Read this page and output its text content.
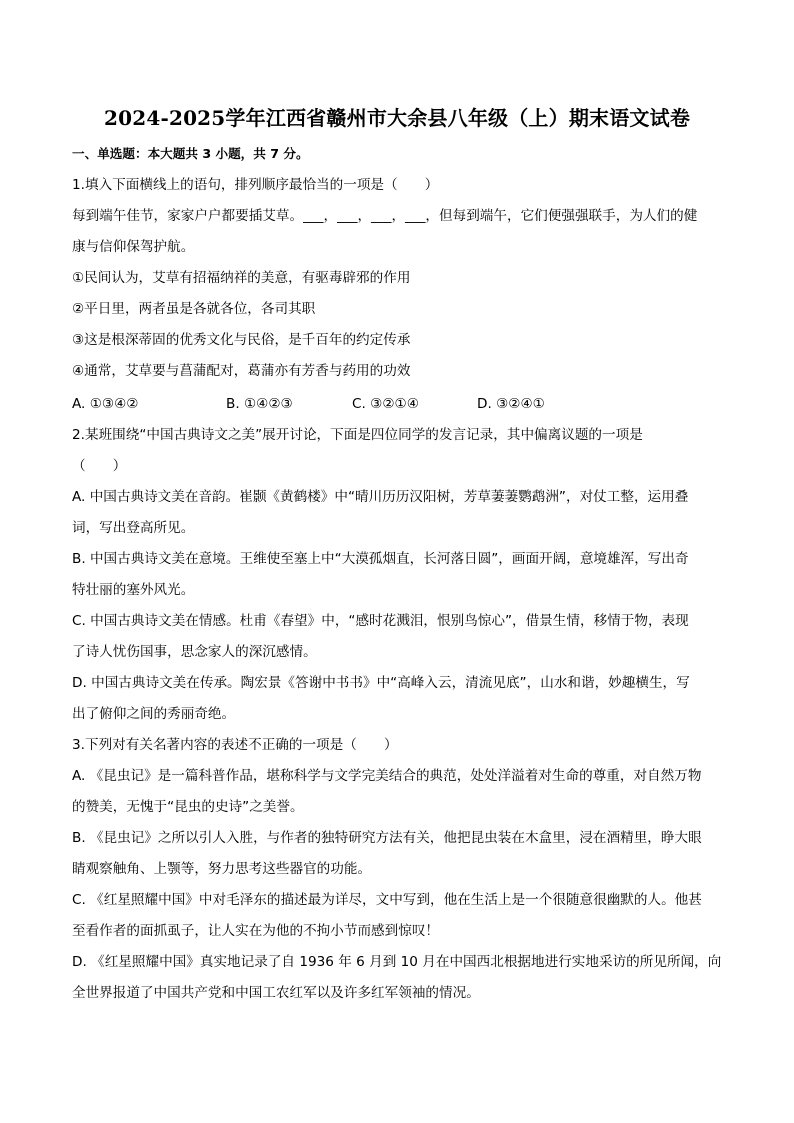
2024-2025学年江西省赣州市大余县八年级（上）期末语文试卷
一、单选题：本大题共 3 小题，共 7 分。
1.填入下面横线上的语句，排列顺序最恰当的一项是（　　）
每到端午佳节，家家户户都要插艾草。___，___，___，___，但每到端午，它们便强强联手，为人们的健
康与信仰保驾护航。
①民间认为，艾草有招福纳祥的美意，有驱毒辟邪的作用
②平日里，两者虽是各就各位，各司其职
③这是根深蒂固的优秀文化与民俗，是千百年的约定传承
④通常，艾草要与菖蒲配对，葛蒲亦有芳香与药用的功效
A. ①③④②	B. ①④②③	C. ③②①④	D. ③②④①
2.某班围绕“中国古典诗文之美”展开讨论，下面是四位同学的发言记录，其中偏离议题的一项是
（　　）
A. 中国古典诗文美在音韵。崔颢《黄鹤楼》中“晴川历历汉阳树，芳草萋萋鹦鹉洲”，对仗工整，运用叠
词，写出登高所见。
B. 中国古典诗文美在意境。王维使至塞上中“大漠孤烟直，长河落日圆”，画面开阔，意境雄浑，写出奇
特壮丽的塞外风光。
C. 中国古典诗文美在情感。杜甫《春望》中，“感时花溅泪，恨别鸟惊心”，借景生情，移情于物，表现
了诗人忧伤国事，思念家人的深沉感情。
D. 中国古典诗文美在传承。陶宏景《答谢中书书》中“高峰入云，清流见底”，山水和谐，妙趣横生，写
出了俯仰之间的秀丽奇绝。
3.下列对有关名著内容的表述不正确的一项是（　　）
A. 《昆虫记》是一篇科普作品，堪称科学与文学完美结合的典范，处处洋溢着对生命的尊重，对自然万物
的赞美，无愧于“昆虫的史诗”之美誉。
B. 《昆虫记》之所以引人入胜，与作者的独特研究方法有关，他把昆虫装在木盒里，浸在酒精里，睁大眼
睛观察触角、上颚等，努力思考这些器官的功能。
C. 《红星照耀中国》中对毛泽东的描述最为详尽，文中写到，他在生活上是一个很随意很幽默的人。他甚
至看作者的面抓虱子，让人实在为他的不拘小节而感到惊叹！
D. 《红星照耀中国》真实地记录了自 1936 年 6 月到 10 月在中国西北根据地进行实地采访的所见所闻，向
全世界报道了中国共产党和中国工农红军以及许多红军领袖的情况。
